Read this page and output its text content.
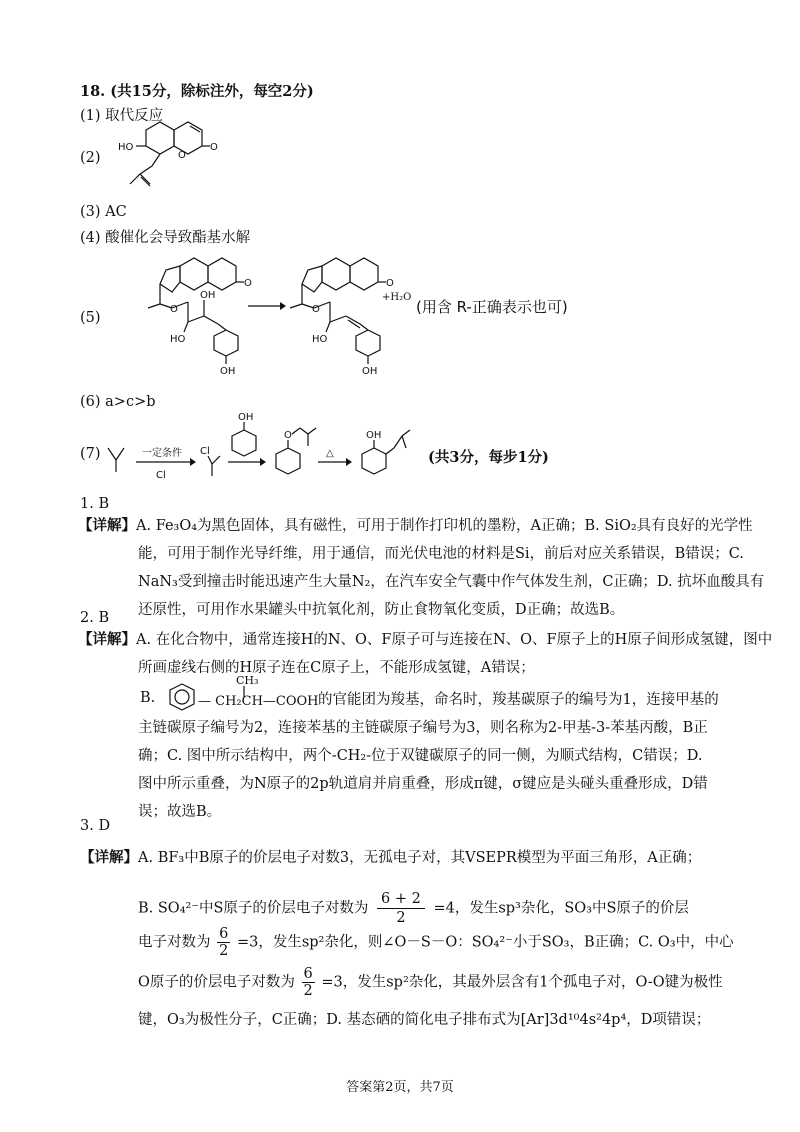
18. (共15分，除标注外，每空2分)
(1) 取代反应
(2)
HO
O
O
(3) AC
(4) 酸催化会导致酯基水解
(5)
O
O
OH
HO
OH
O
O
HO
OH
+H₂O
(用含 R-正确表示也可)
(6) a>c>b
(7)	一定条件
Cl
Cl
OH
O
△
OH
(共3分，每步1分)
1. B
【详解】A. Fe₃O₄为黑色固体，具有磁性，可用于制作打印机的墨粉，A正确；B. SiO₂具有良好的光学性能，可用于制作光导纤维，用于通信，而光伏电池的材料是Si，前后对应关系错误，B错误；C. NaN₃受到撞击时能迅速产生大量N₂，在汽车安全气囊中作气体发生剂，C正确；D. 抗坏血酸具有还原性，可用作水果罐头中抗氧化剂，防止食物氧化变质，D正确；故选B。
2. B
【详解】A. 在化合物中，通常连接H的N、O、F原子可与连接在N、O、F原子上的H原子间形成氢键，图中所画虚线右侧的H原子连在C原子上，不能形成氢键，A错误；
B.
CH₃
— CH₂CH—COOH 的官能团为羧基，命名时，羧基碳原子的编号为1，连接甲基的
主链碳原子编号为2，连接苯基的主链碳原子编号为3，则名称为2-甲基-3-苯基丙酸，B正确；C. 图中所示结构中，两个-CH₂-位于双键碳原子的同一侧，为顺式结构，C错误；D. 图中所示重叠，为N原子的2p轨道肩并肩重叠，形成π键，σ键应是头碰头重叠形成，D错误；故选B。
3. D
【详解】A. BF₃中B原子的价层电子对数3，无孤电子对，其VSEPR模型为平面三角形，A正确；
B. SO₄²⁻中S原子的价层电子对数为 $\frac{6 + 2}{2} =4$，发生sp³杂化，SO₃中S原子的价层
电子对数为 $\frac{6}{2} =3$，发生sp²杂化，则∠O－S－O：SO₄²⁻小于SO₃，B正确；C. O₃中，中心
O原子的价层电子对数为 $\frac{6}{2} =3$，发生sp²杂化，其最外层含有1个孤电子对，O-O键为极性
键，O₃为极性分子，C正确；D. 基态硒的简化电子排布式为[Ar]3d¹⁰4s²4p⁴，D项错误；
答案第2页，共7页
